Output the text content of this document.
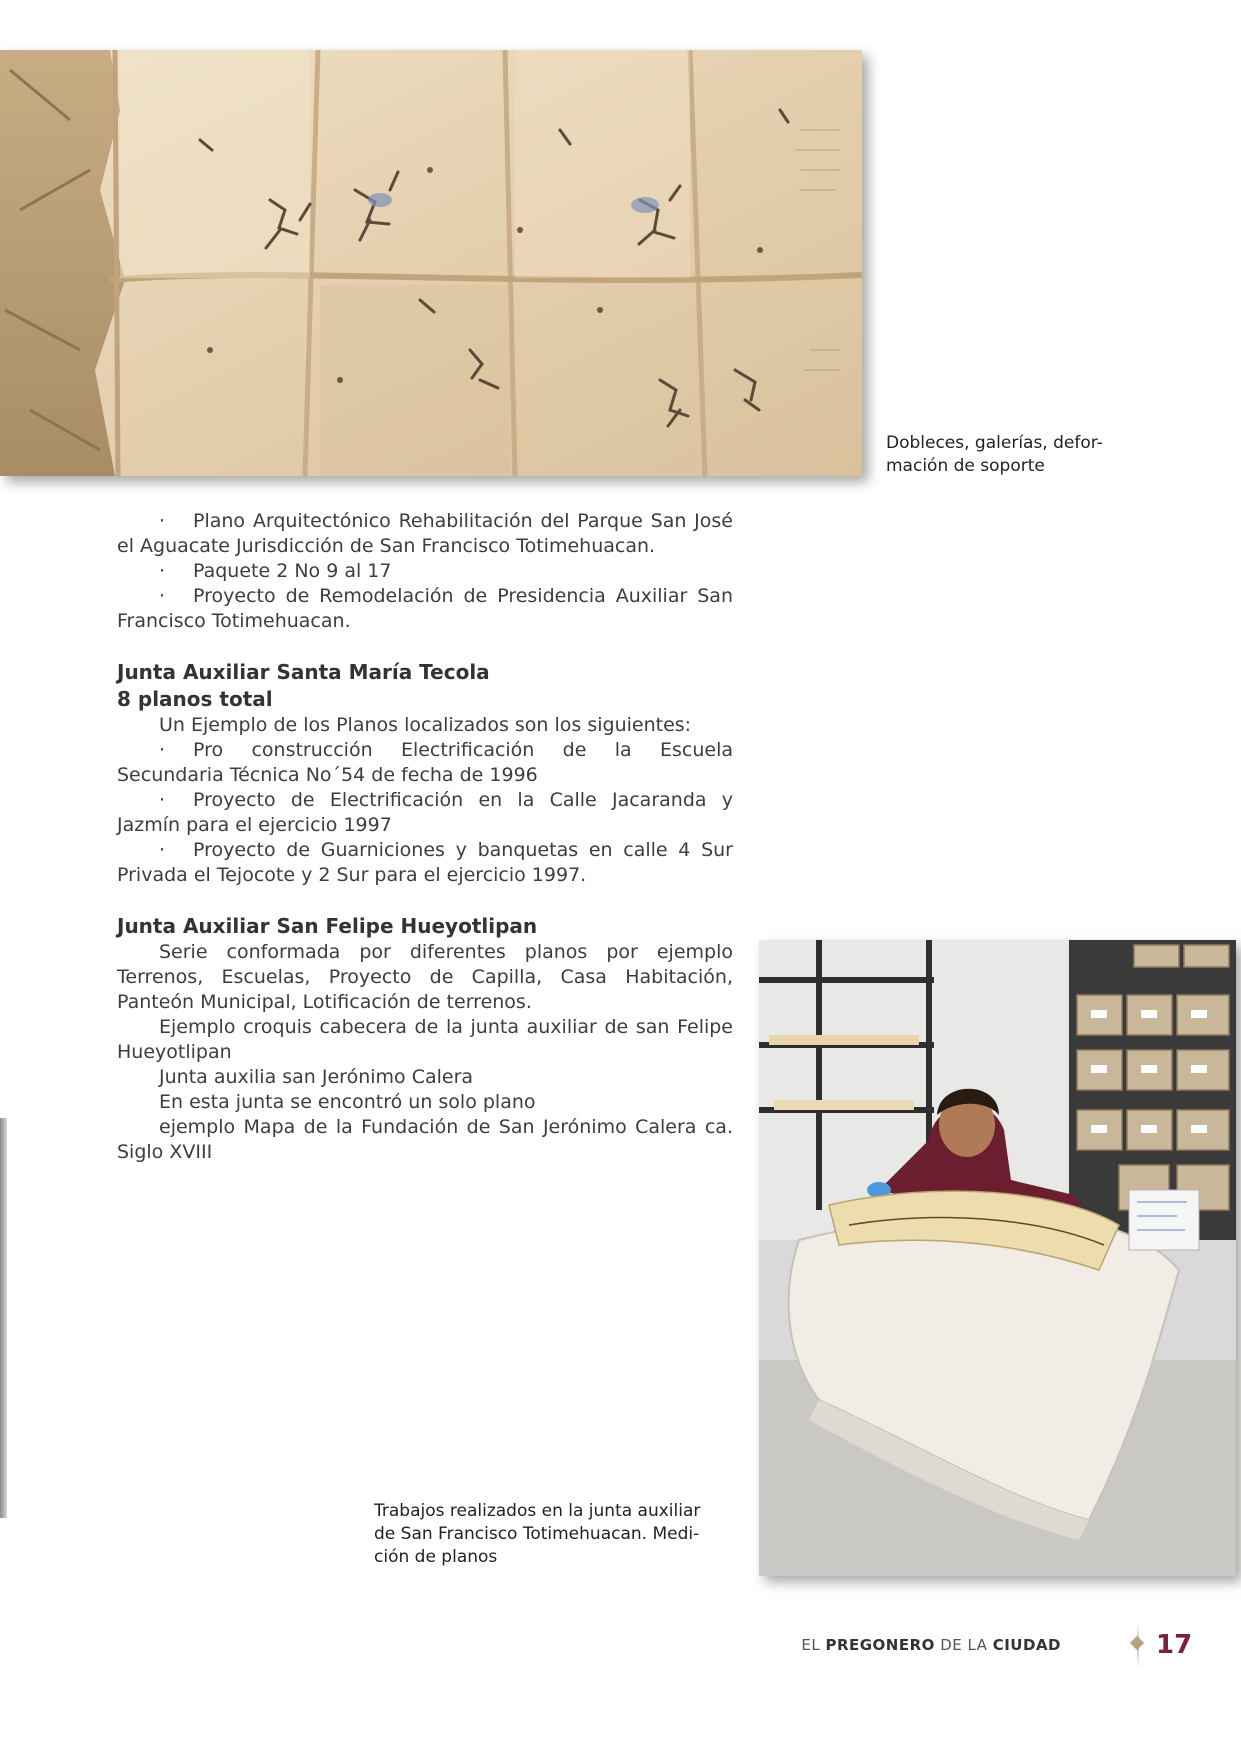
Dobleces, galerías, defor-
mación de soporte

· Plano Arquitectónico Rehabilitación del Parque San José el Aguacate Jurisdicción de San Francisco Totimehuacan.

· Paquete 2 No 9 al 17

· Proyecto de Remodelación de Presidencia Auxiliar San Francisco Totimehuacan.

Junta Auxiliar Santa María Tecola
8 planos total

Un Ejemplo de los Planos localizados son los siguientes:

· Pro construcción Electrificación de la Escuela Secundaria Técnica No´54 de fecha de 1996

· Proyecto de Electrificación en la Calle Jacaranda y Jazmín para el ejercicio 1997

· Proyecto de Guarniciones y banquetas en calle 4 Sur Privada el Tejocote y 2 Sur para el ejercicio 1997.

Junta Auxiliar San Felipe Hueyotlipan

Serie conformada por diferentes planos por ejemplo Terrenos, Escuelas, Proyecto de Capilla, Casa Habitación, Panteón Municipal, Lotificación de terrenos.

Ejemplo croquis cabecera de la junta auxiliar de san Felipe Hueyotlipan

Junta auxilia san Jerónimo Calera

En esta junta se encontró un solo plano

ejemplo Mapa de la Fundación de San Jerónimo Calera ca. Siglo XVIII

Trabajos realizados en la junta auxiliar
de San Francisco Totimehuacan. Medi-
ción de planos
EL PREGONERO DE LA CIUDAD	17
